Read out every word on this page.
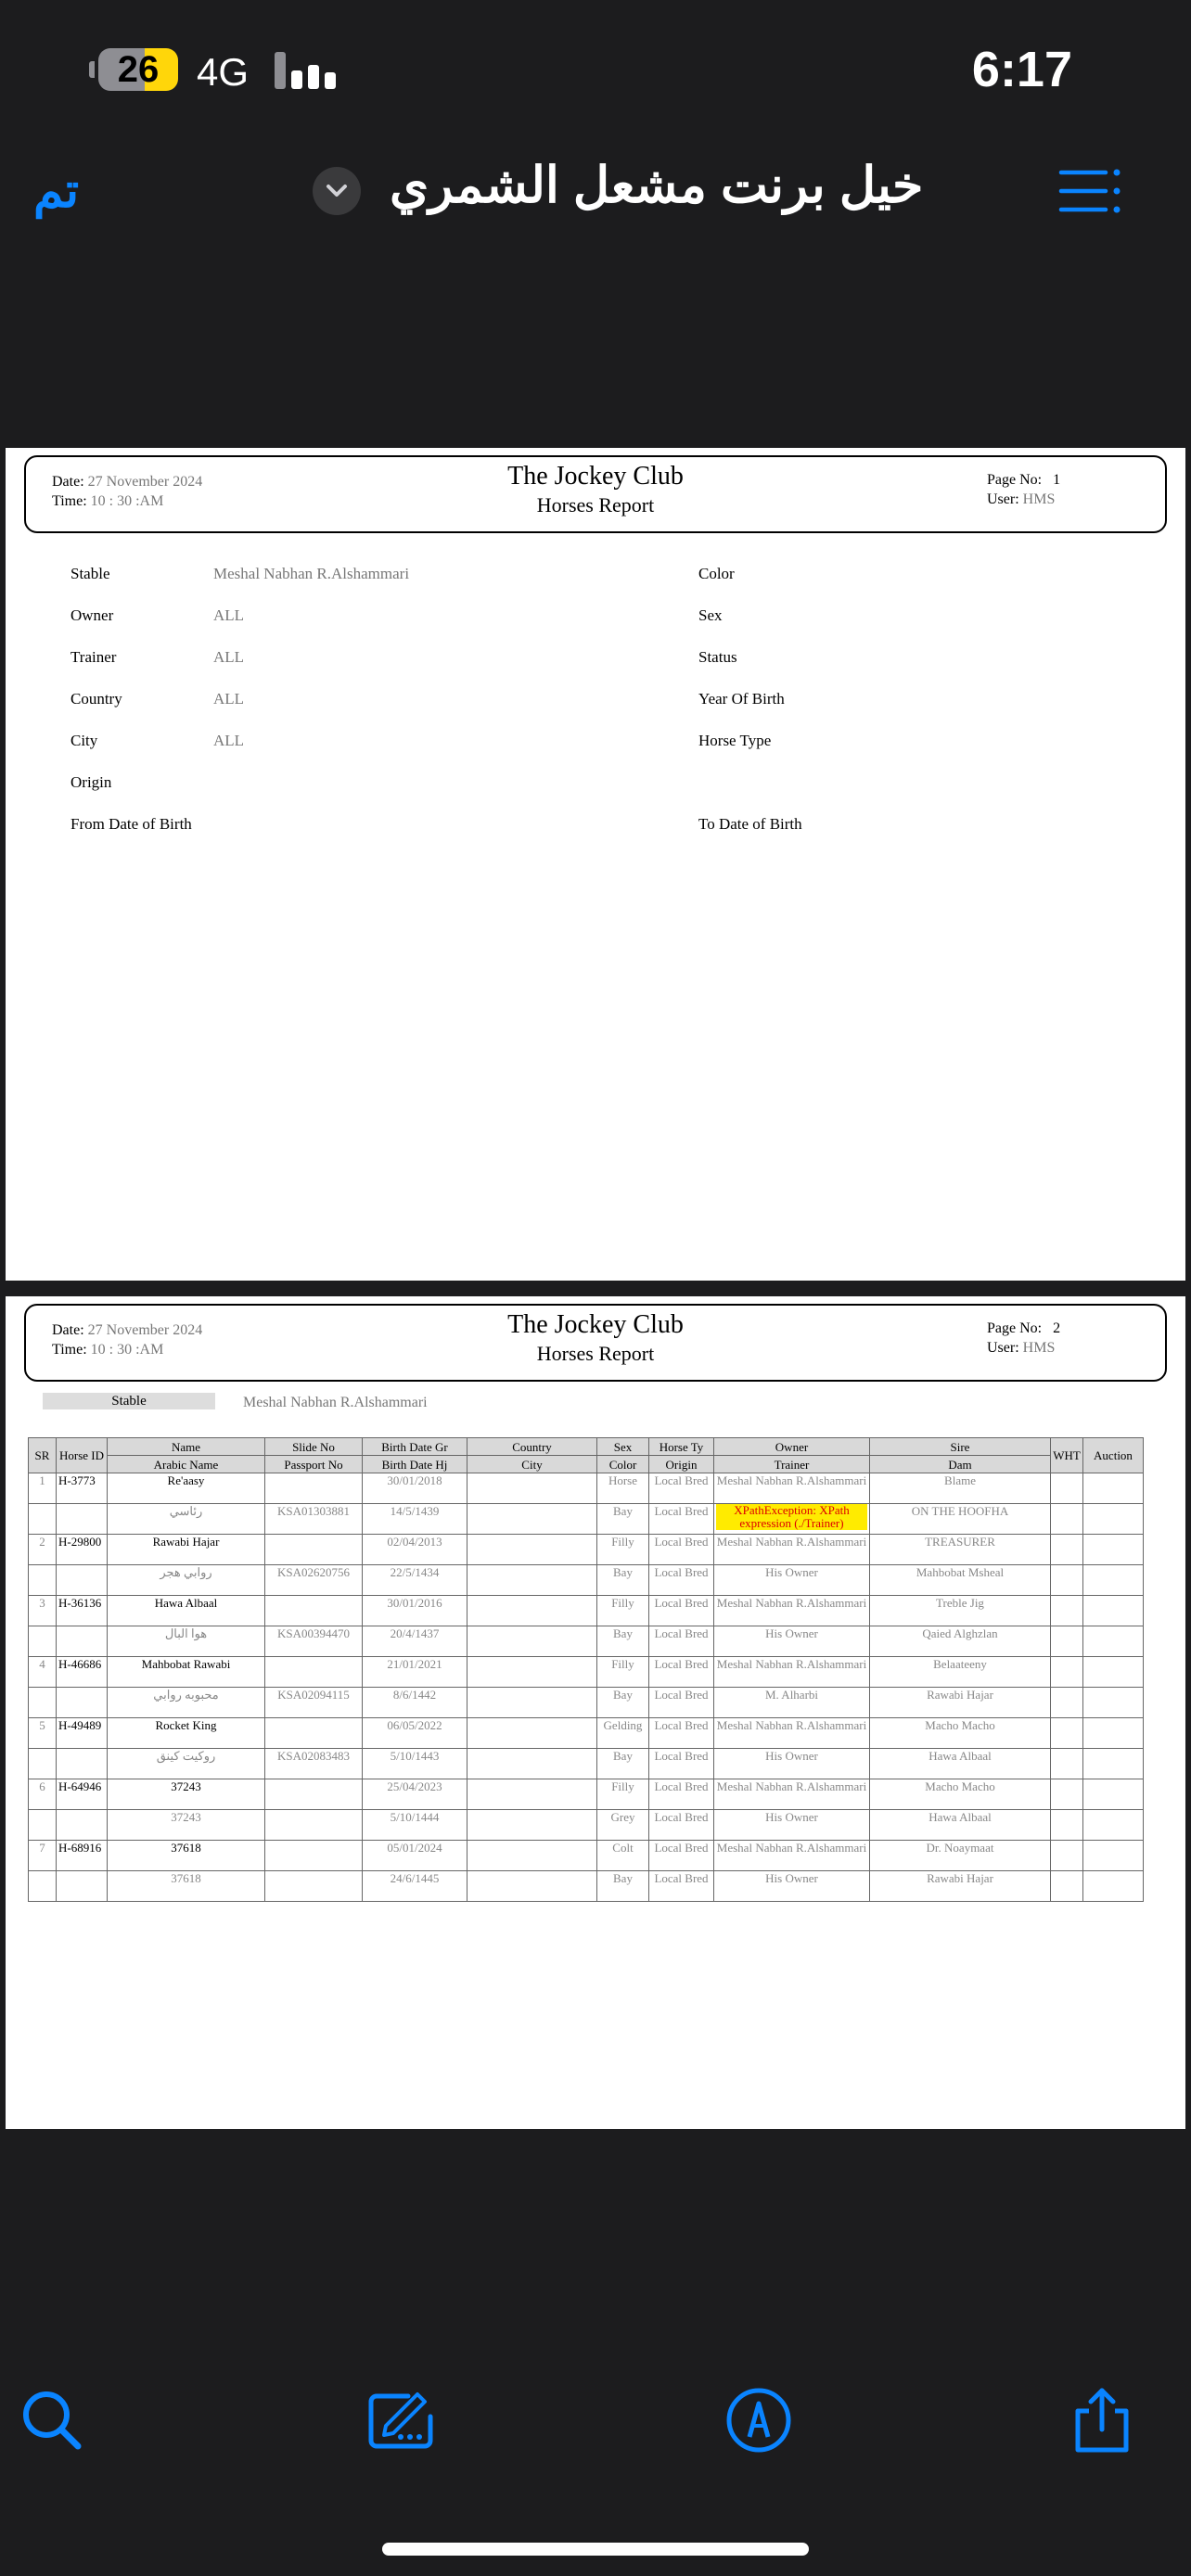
26 4G	6:17
تم	خيل برنت مشعل الشمري
Date: 27 November 2024
Time: 10 : 30 :AM
The Jockey Club
Horses Report
Page No: 1
User: HMS
Stable	Meshal Nabhan R.Alshammari
Owner	ALL
Trainer	ALL
Country	ALL
City	ALL
Origin
From Date of Birth
Color
Sex
Status
Year Of Birth
Horse Type
To Date of Birth
Date: 27 November 2024
Time: 10 : 30 :AM
The Jockey Club
Horses Report
Page No: 2
User: HMS
Stable	Meshal Nabhan R.Alshammari
SR	Horse ID	Name	Slide No	Birth Date Gr	Country	Sex	Horse Ty	Owner	Sire	WHT	Auction
		Arabic Name	Passport No	Birth Date Hj	City	Color	Origin	Trainer	Dam		
1	H-3773	Re'aasy		30/01/2018		Horse	Local Bred	Meshal Nabhan R.Alshammari	Blame		
		رئاسي	KSA01303881	14/5/1439		Bay	Local Bred	XPathException: XPath expression (./Trainer)	ON THE HOOFHA		
2	H-29800	Rawabi Hajar		02/04/2013		Filly	Local Bred	Meshal Nabhan R.Alshammari	TREASURER		
		روابي هجر	KSA02620756	22/5/1434		Bay	Local Bred	His Owner	Mahbobat Msheal		
3	H-36136	Hawa Albaal		30/01/2016		Filly	Local Bred	Meshal Nabhan R.Alshammari	Treble Jig		
		هوا البال	KSA00394470	20/4/1437		Bay	Local Bred	His Owner	Qaied Alghzlan		
4	H-46686	Mahbobat Rawabi		21/01/2021		Filly	Local Bred	Meshal Nabhan R.Alshammari	Belaateeny		
		محبوبه روابي	KSA02094115	8/6/1442		Bay	Local Bred	M. Alharbi	Rawabi Hajar		
5	H-49489	Rocket King		06/05/2022		Gelding	Local Bred	Meshal Nabhan R.Alshammari	Macho Macho		
		روكيت كينق	KSA02083483	5/10/1443		Bay	Local Bred	His Owner	Hawa Albaal		
6	H-64946	37243		25/04/2023		Filly	Local Bred	Meshal Nabhan R.Alshammari	Macho Macho		
		37243		5/10/1444		Grey	Local Bred	His Owner	Hawa Albaal		
7	H-68916	37618		05/01/2024		Colt	Local Bred	Meshal Nabhan R.Alshammari	Dr. Noaymaat		
		37618		24/6/1445		Bay	Local Bred	His Owner	Rawabi Hajar		
